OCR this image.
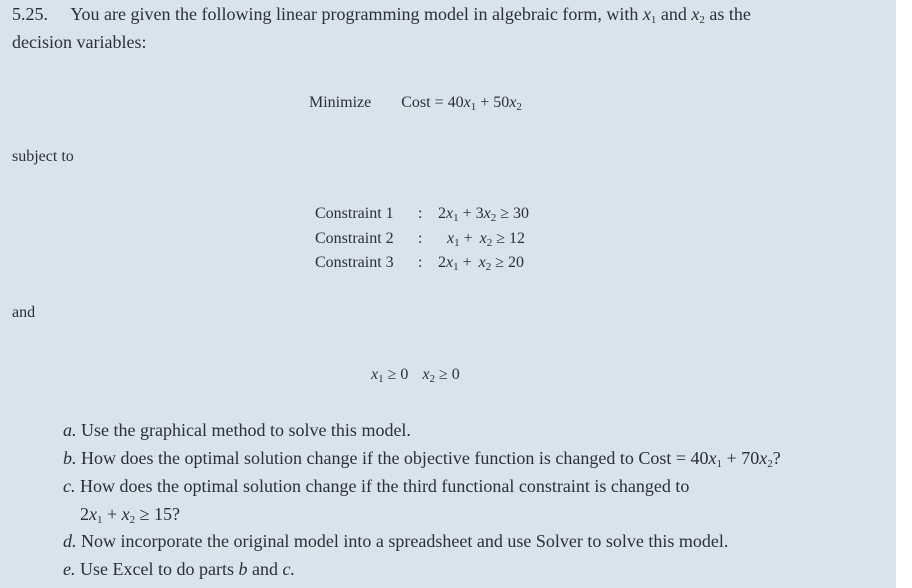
5.25. You are given the following linear programming model in algebraic form, with $x_1$ and $x_2$ as the
decision variables:
Minimize Cost = $40x_1 + 50x_2$
subject to
Constraint 1 : $2x_1 + 3x_2 \ge 30$
Constraint 2 : $x_1 + x_2 \ge 12$
Constraint 3 : $2x_1 + x_2 \ge 20$
and
$x_1 \ge 0$ $x_2 \ge 0$
a. Use the graphical method to solve this model.
b. How does the optimal solution change if the objective function is changed to Cost = $40x_1 + 70x_2$?
c. How does the optimal solution change if the third functional constraint is changed to
$2x_1 + x_2 \ge 15$?
d. Now incorporate the original model into a spreadsheet and use Solver to solve this model.
e. Use Excel to do parts b and c.
